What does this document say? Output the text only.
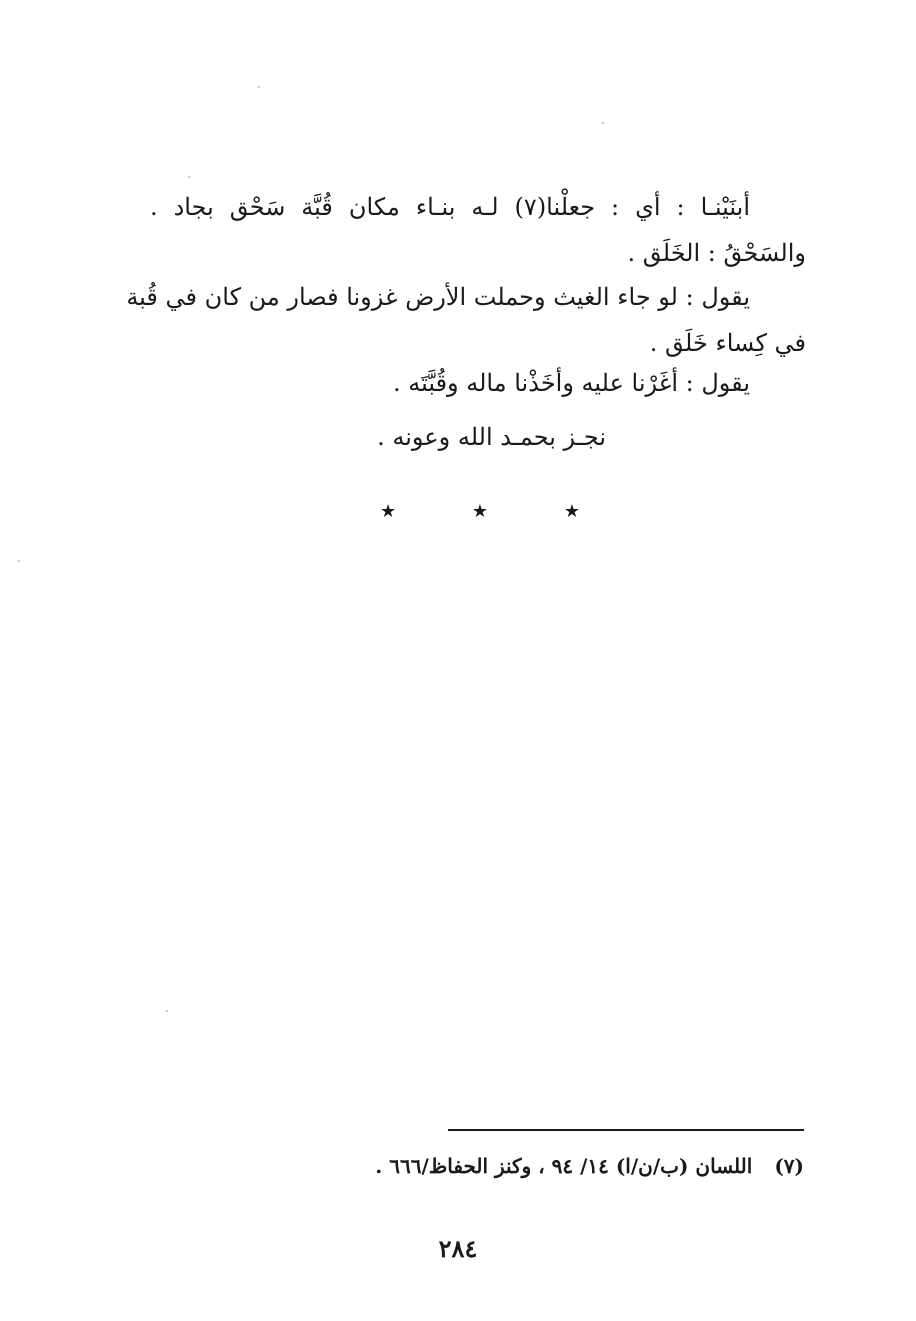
أبنَيْنـا : أي : جعلْنا(٧) لـه بنـاء مكان قُبَّة سَحْق بجاد .
والسَحْقُ : الخَلَق .
يقول : لو جاء الغيث وحملت الأرض غزونا فصار من كان في قُبة
في كِساء خَلَق .
يقول : أغَرْنا عليه وأخَذْنا ماله وقُبَّتَه .
نجـز بحمـد الله وعونه .
★	★	★
(٧)
اللسان (ب/ن/ا) ١٤/ ٩٤ ، وكنز الحفاظ/٦٦٦ .
٢٨٤
